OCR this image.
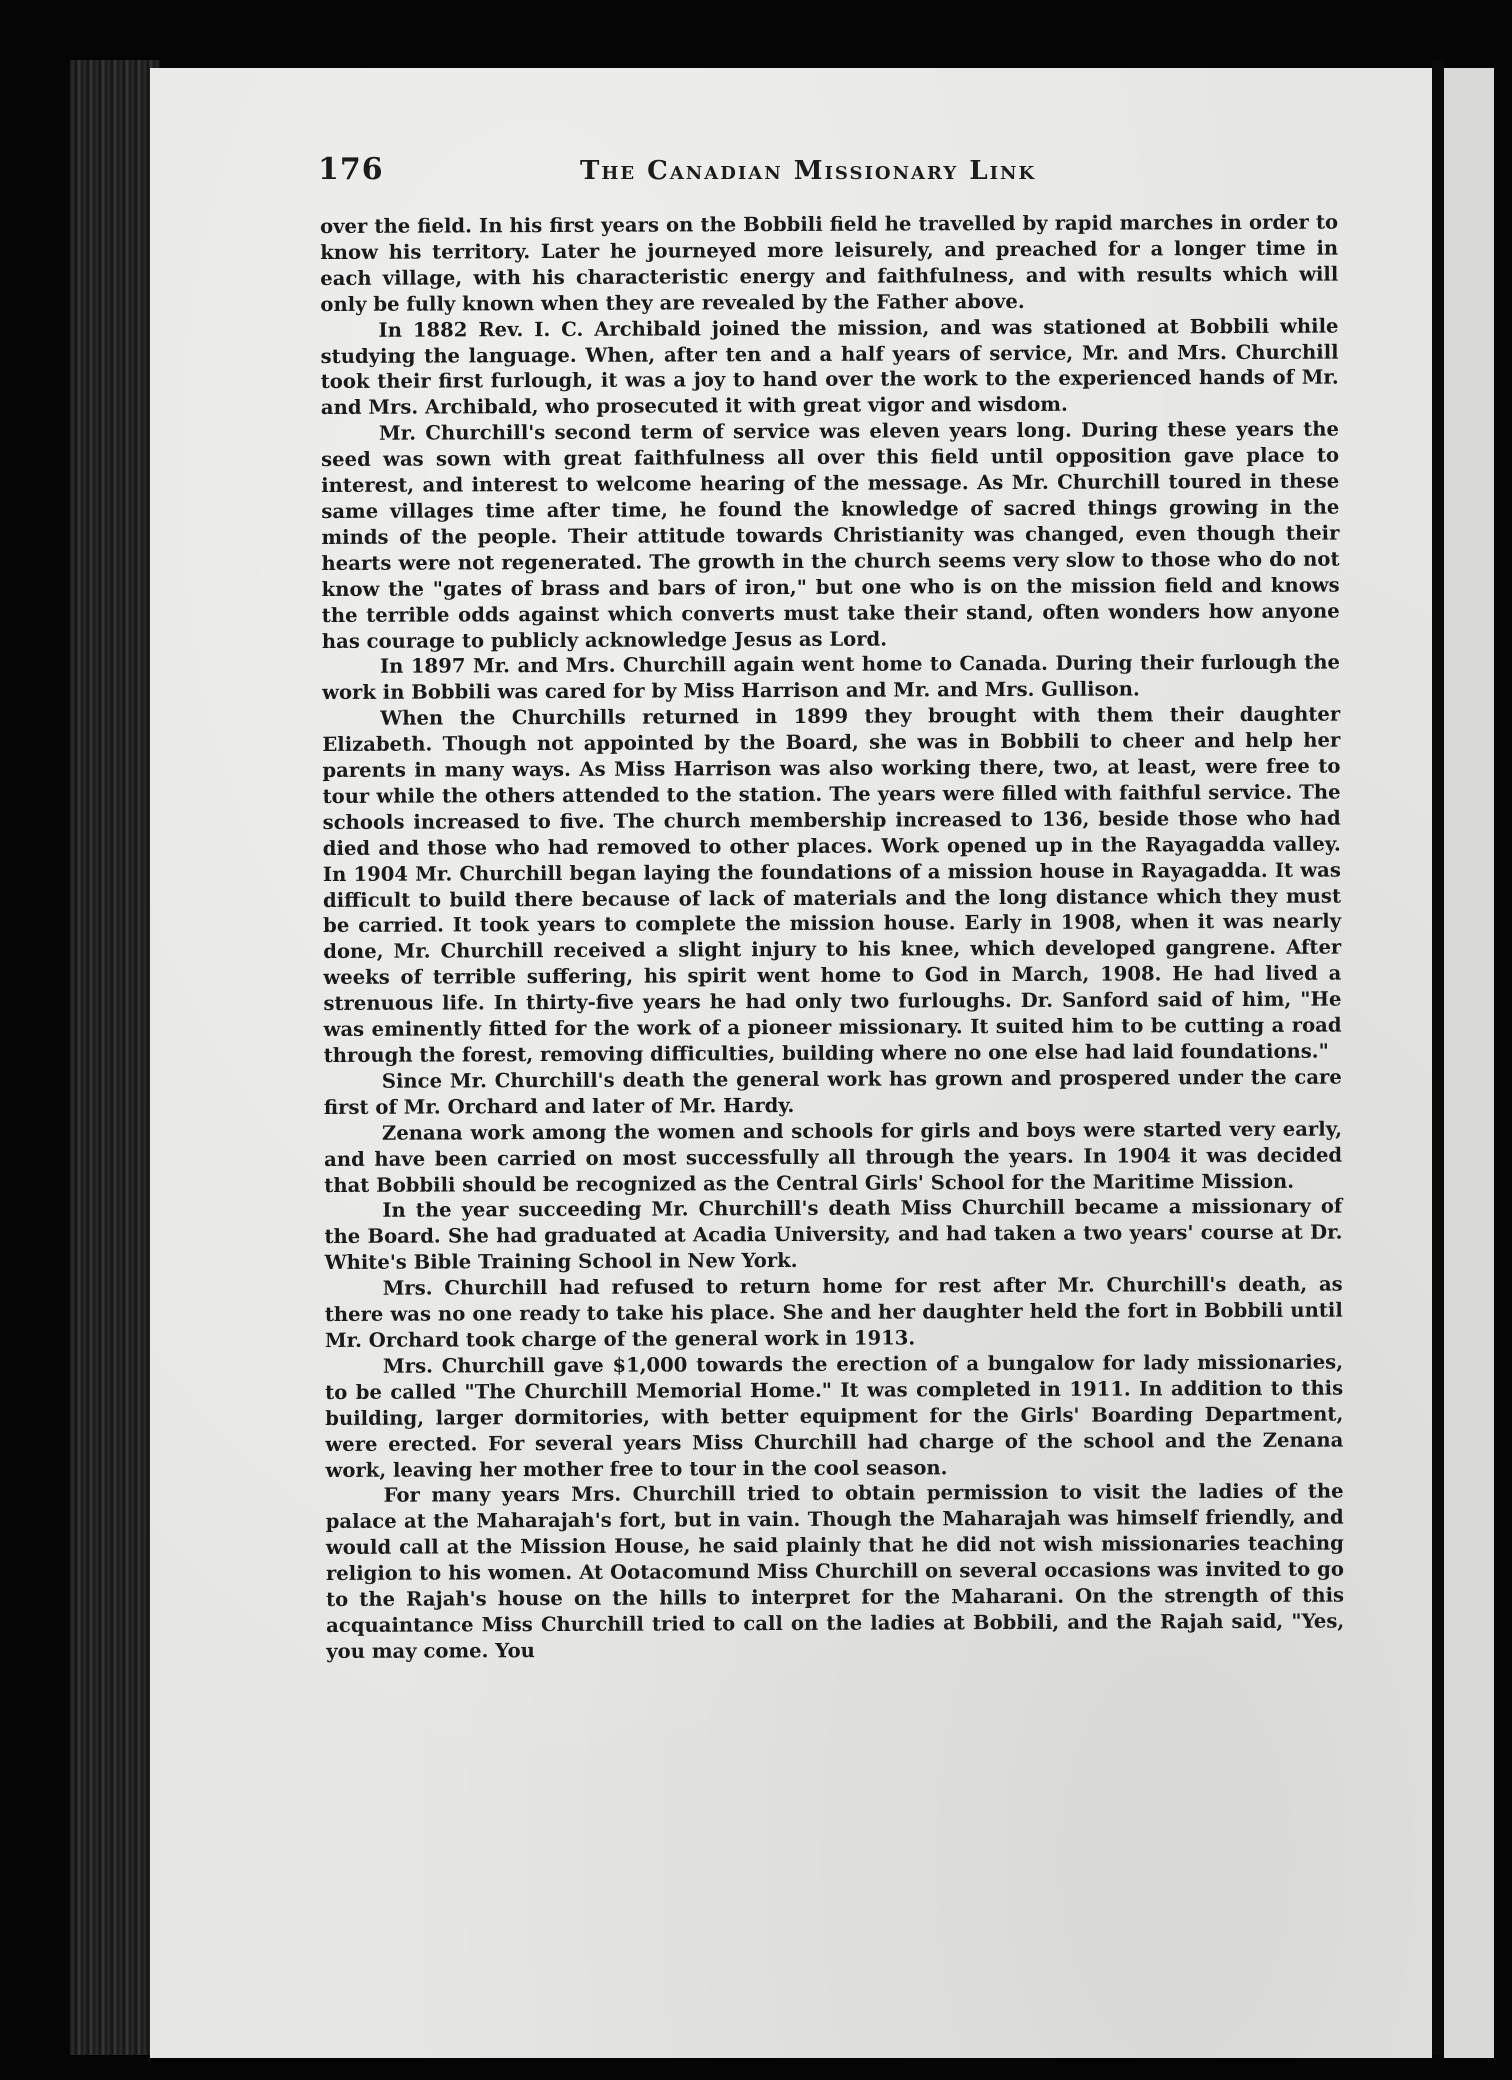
176	The Canadian Missionary Link

over the field. In his first years on the Bobbili field he travelled by rapid marches in order to know his territory. Later he journeyed more leisurely, and preached for a longer time in each village, with his characteristic energy and faithfulness, and with results which will only be fully known when they are revealed by the Father above.

In 1882 Rev. I. C. Archibald joined the mission, and was stationed at Bobbili while studying the language. When, after ten and a half years of service, Mr. and Mrs. Churchill took their first furlough, it was a joy to hand over the work to the experienced hands of Mr. and Mrs. Archibald, who prosecuted it with great vigor and wisdom.

Mr. Churchill's second term of service was eleven years long. During these years the seed was sown with great faithfulness all over this field until opposition gave place to interest, and interest to welcome hearing of the message. As Mr. Churchill toured in these same villages time after time, he found the knowledge of sacred things growing in the minds of the people. Their attitude towards Christianity was changed, even though their hearts were not regenerated. The growth in the church seems very slow to those who do not know the "gates of brass and bars of iron," but one who is on the mission field and knows the terrible odds against which converts must take their stand, often wonders how anyone has courage to publicly acknowledge Jesus as Lord.

In 1897 Mr. and Mrs. Churchill again went home to Canada. During their furlough the work in Bobbili was cared for by Miss Harrison and Mr. and Mrs. Gullison.

When the Churchills returned in 1899 they brought with them their daughter Elizabeth. Though not appointed by the Board, she was in Bobbili to cheer and help her parents in many ways. As Miss Harrison was also working there, two, at least, were free to tour while the others attended to the station. The years were filled with faithful service. The schools increased to five. The church membership increased to 136, beside those who had died and those who had removed to other places. Work opened up in the Rayagadda valley. In 1904 Mr. Churchill began laying the foundations of a mission house in Rayagadda. It was difficult to build there because of lack of materials and the long distance which they must be carried. It took years to complete the mission house. Early in 1908, when it was nearly done, Mr. Churchill received a slight injury to his knee, which developed gangrene. After weeks of terrible suffering, his spirit went home to God in March, 1908. He had lived a strenuous life. In thirty-five years he had only two furloughs. Dr. Sanford said of him, "He was eminently fitted for the work of a pioneer missionary. It suited him to be cutting a road through the forest, removing difficulties, building where no one else had laid foundations."

Since Mr. Churchill's death the general work has grown and prospered under the care first of Mr. Orchard and later of Mr. Hardy.

Zenana work among the women and schools for girls and boys were started very early, and have been carried on most successfully all through the years. In 1904 it was decided that Bobbili should be recognized as the Central Girls' School for the Maritime Mission.

In the year succeeding Mr. Churchill's death Miss Churchill became a missionary of the Board. She had graduated at Acadia University, and had taken a two years' course at Dr. White's Bible Training School in New York.

Mrs. Churchill had refused to return home for rest after Mr. Churchill's death, as there was no one ready to take his place. She and her daughter held the fort in Bobbili until Mr. Orchard took charge of the general work in 1913.

Mrs. Churchill gave $1,000 towards the erection of a bungalow for lady missionaries, to be called "The Churchill Memorial Home." It was completed in 1911. In addition to this building, larger dormitories, with better equipment for the Girls' Boarding Department, were erected. For several years Miss Churchill had charge of the school and the Zenana work, leaving her mother free to tour in the cool season.

For many years Mrs. Churchill tried to obtain permission to visit the ladies of the palace at the Maharajah's fort, but in vain. Though the Maharajah was himself friendly, and would call at the Mission House, he said plainly that he did not wish missionaries teaching religion to his women. At Ootacomund Miss Churchill on several occasions was invited to go to the Rajah's house on the hills to interpret for the Maharani. On the strength of this acquaintance Miss Churchill tried to call on the ladies at Bobbili, and the Rajah said, "Yes, you may come. You
